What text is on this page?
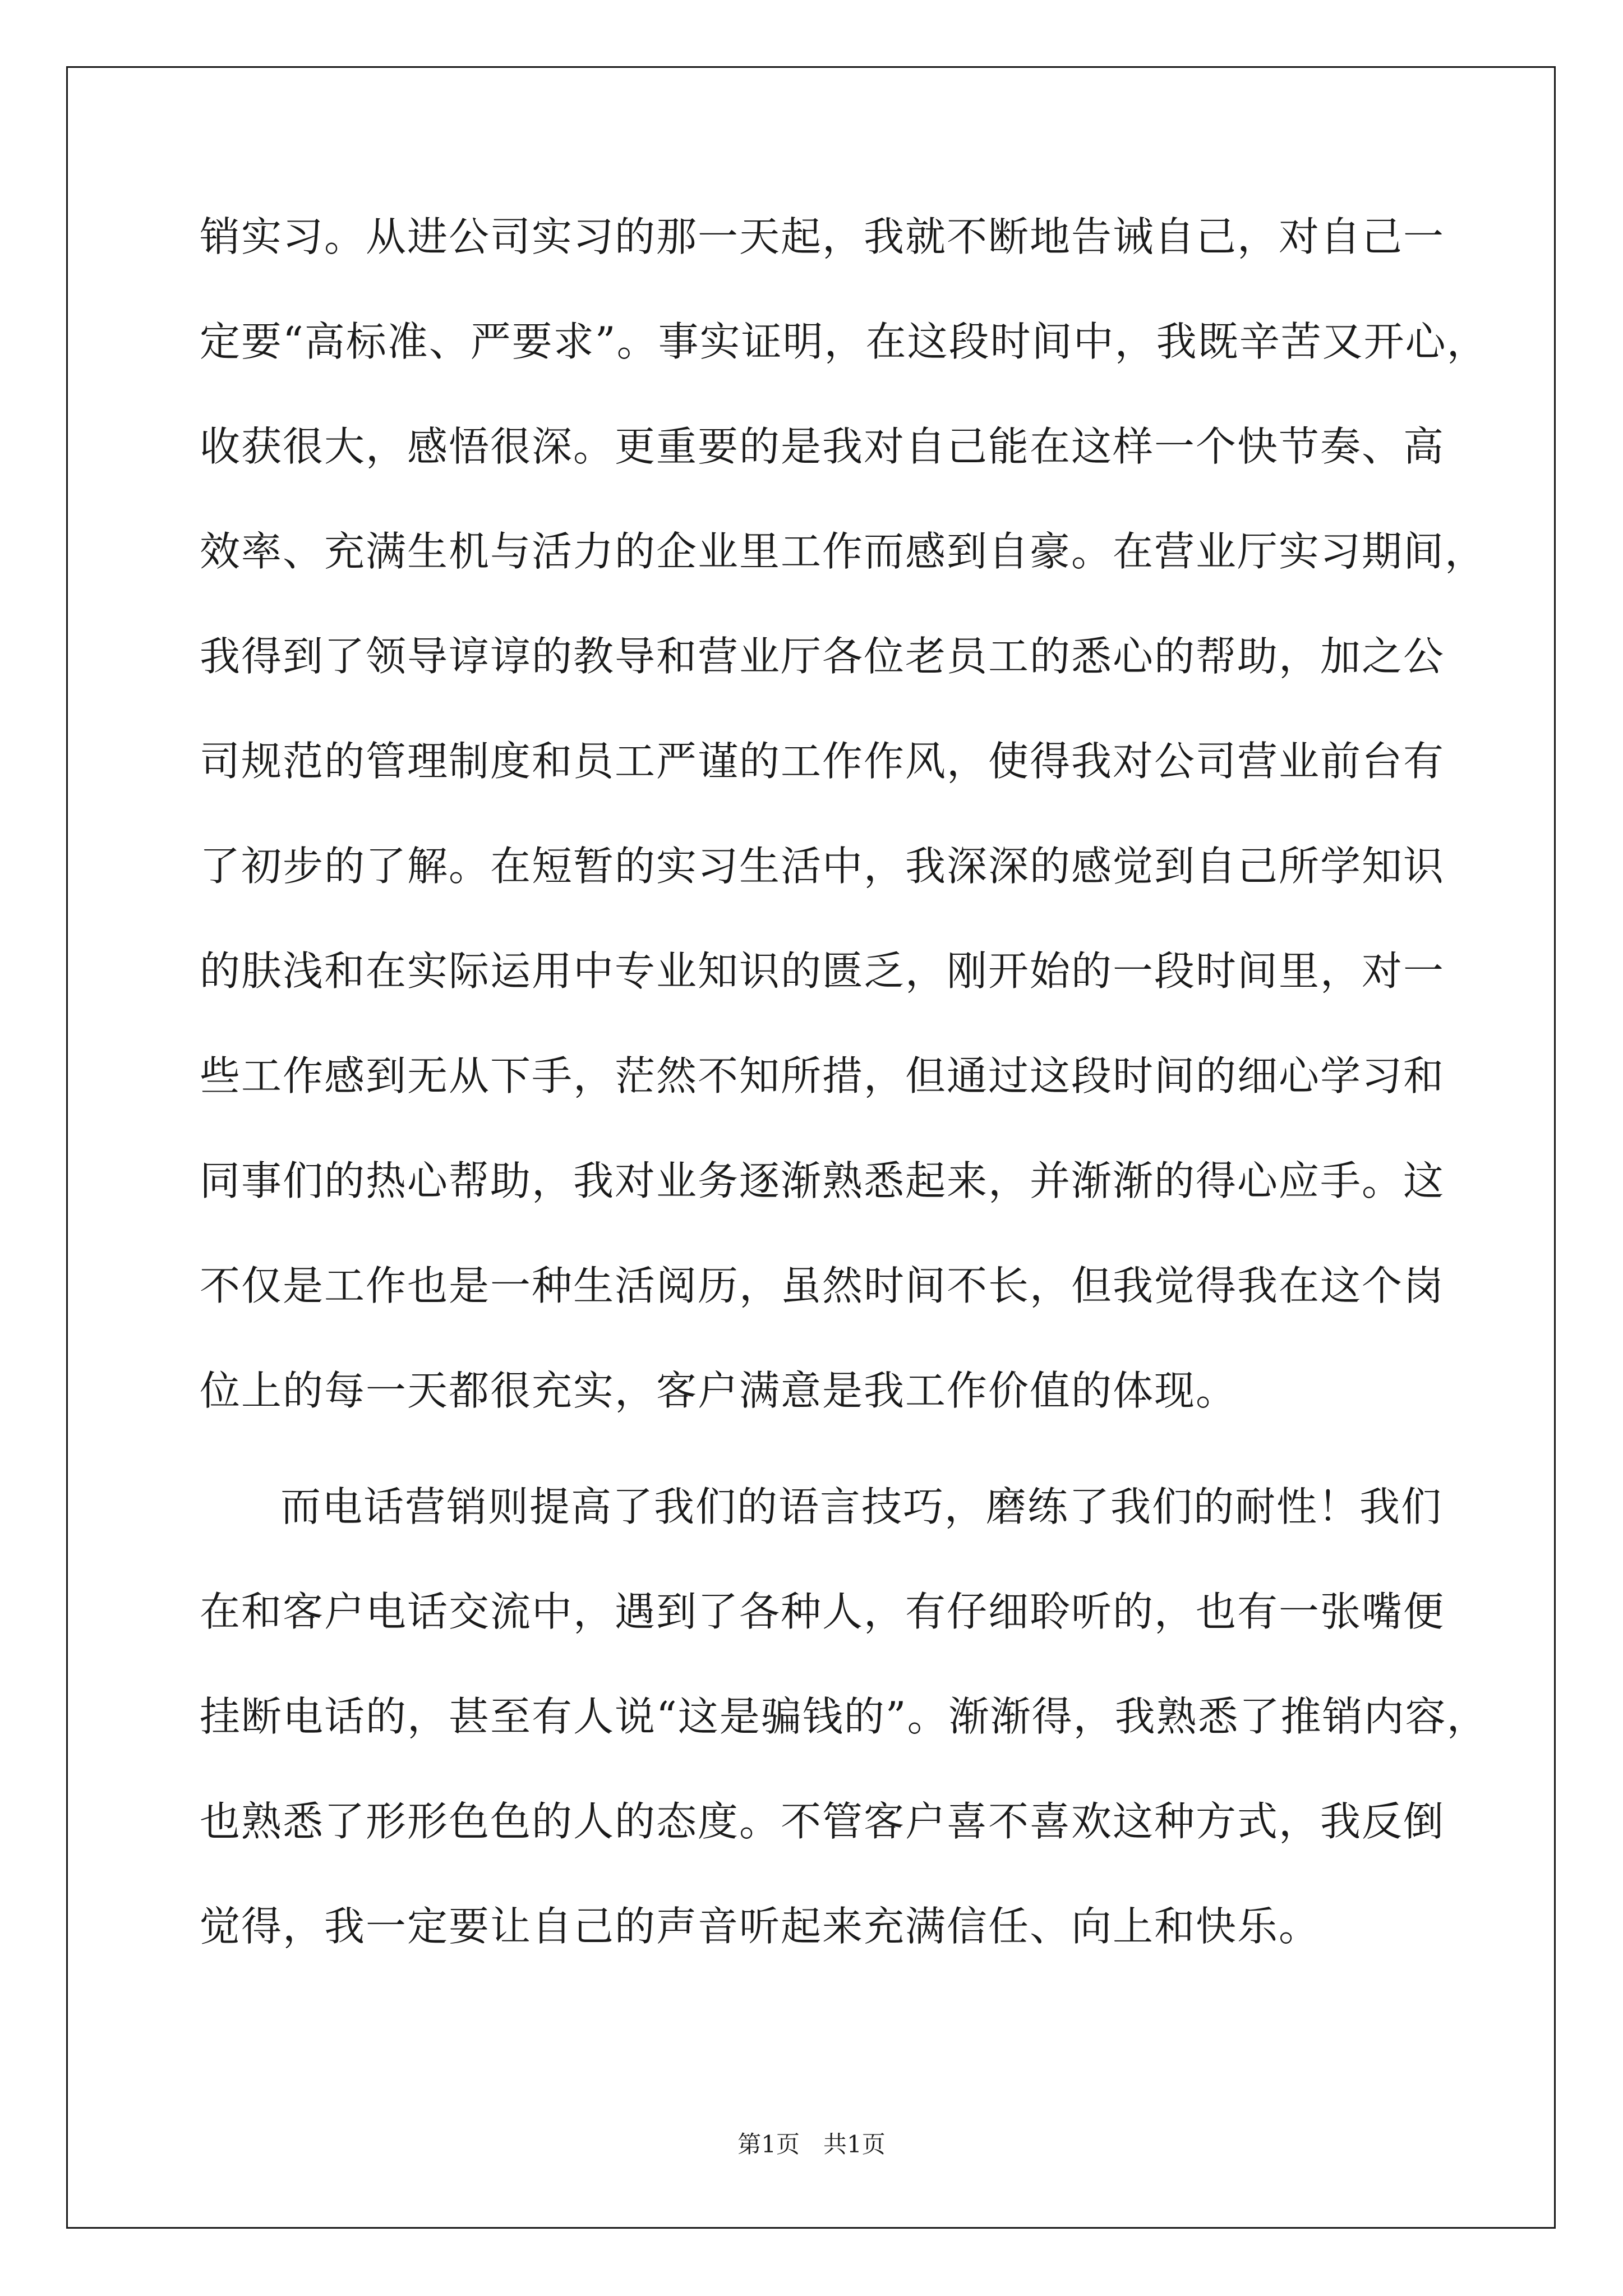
销实习。从进公司实习的那一天起，我就不断地告诫自己，对自己一

定要“高标准、严要求”。事实证明，在这段时间中，我既辛苦又开心，

收获很大，感悟很深。更重要的是我对自己能在这样一个快节奏、高

效率、充满生机与活力的企业里工作而感到自豪。在营业厅实习期间，

我得到了领导谆谆的教导和营业厅各位老员工的悉心的帮助，加之公

司规范的管理制度和员工严谨的工作作风，使得我对公司营业前台有

了初步的了解。在短暂的实习生活中，我深深的感觉到自己所学知识

的肤浅和在实际运用中专业知识的匮乏，刚开始的一段时间里，对一

些工作感到无从下手，茫然不知所措，但通过这段时间的细心学习和

同事们的热心帮助，我对业务逐渐熟悉起来，并渐渐的得心应手。这

不仅是工作也是一种生活阅历，虽然时间不长，但我觉得我在这个岗

位上的每一天都很充实，客户满意是我工作价值的体现。

而电话营销则提高了我们的语言技巧，磨练了我们的耐性！我们

在和客户电话交流中，遇到了各种人，有仔细聆听的，也有一张嘴便

挂断电话的，甚至有人说“这是骗钱的”。渐渐得，我熟悉了推销内容，

也熟悉了形形色色的人的态度。不管客户喜不喜欢这种方式，我反倒

觉得，我一定要让自己的声音听起来充满信任、向上和快乐。

第1页　共1页
